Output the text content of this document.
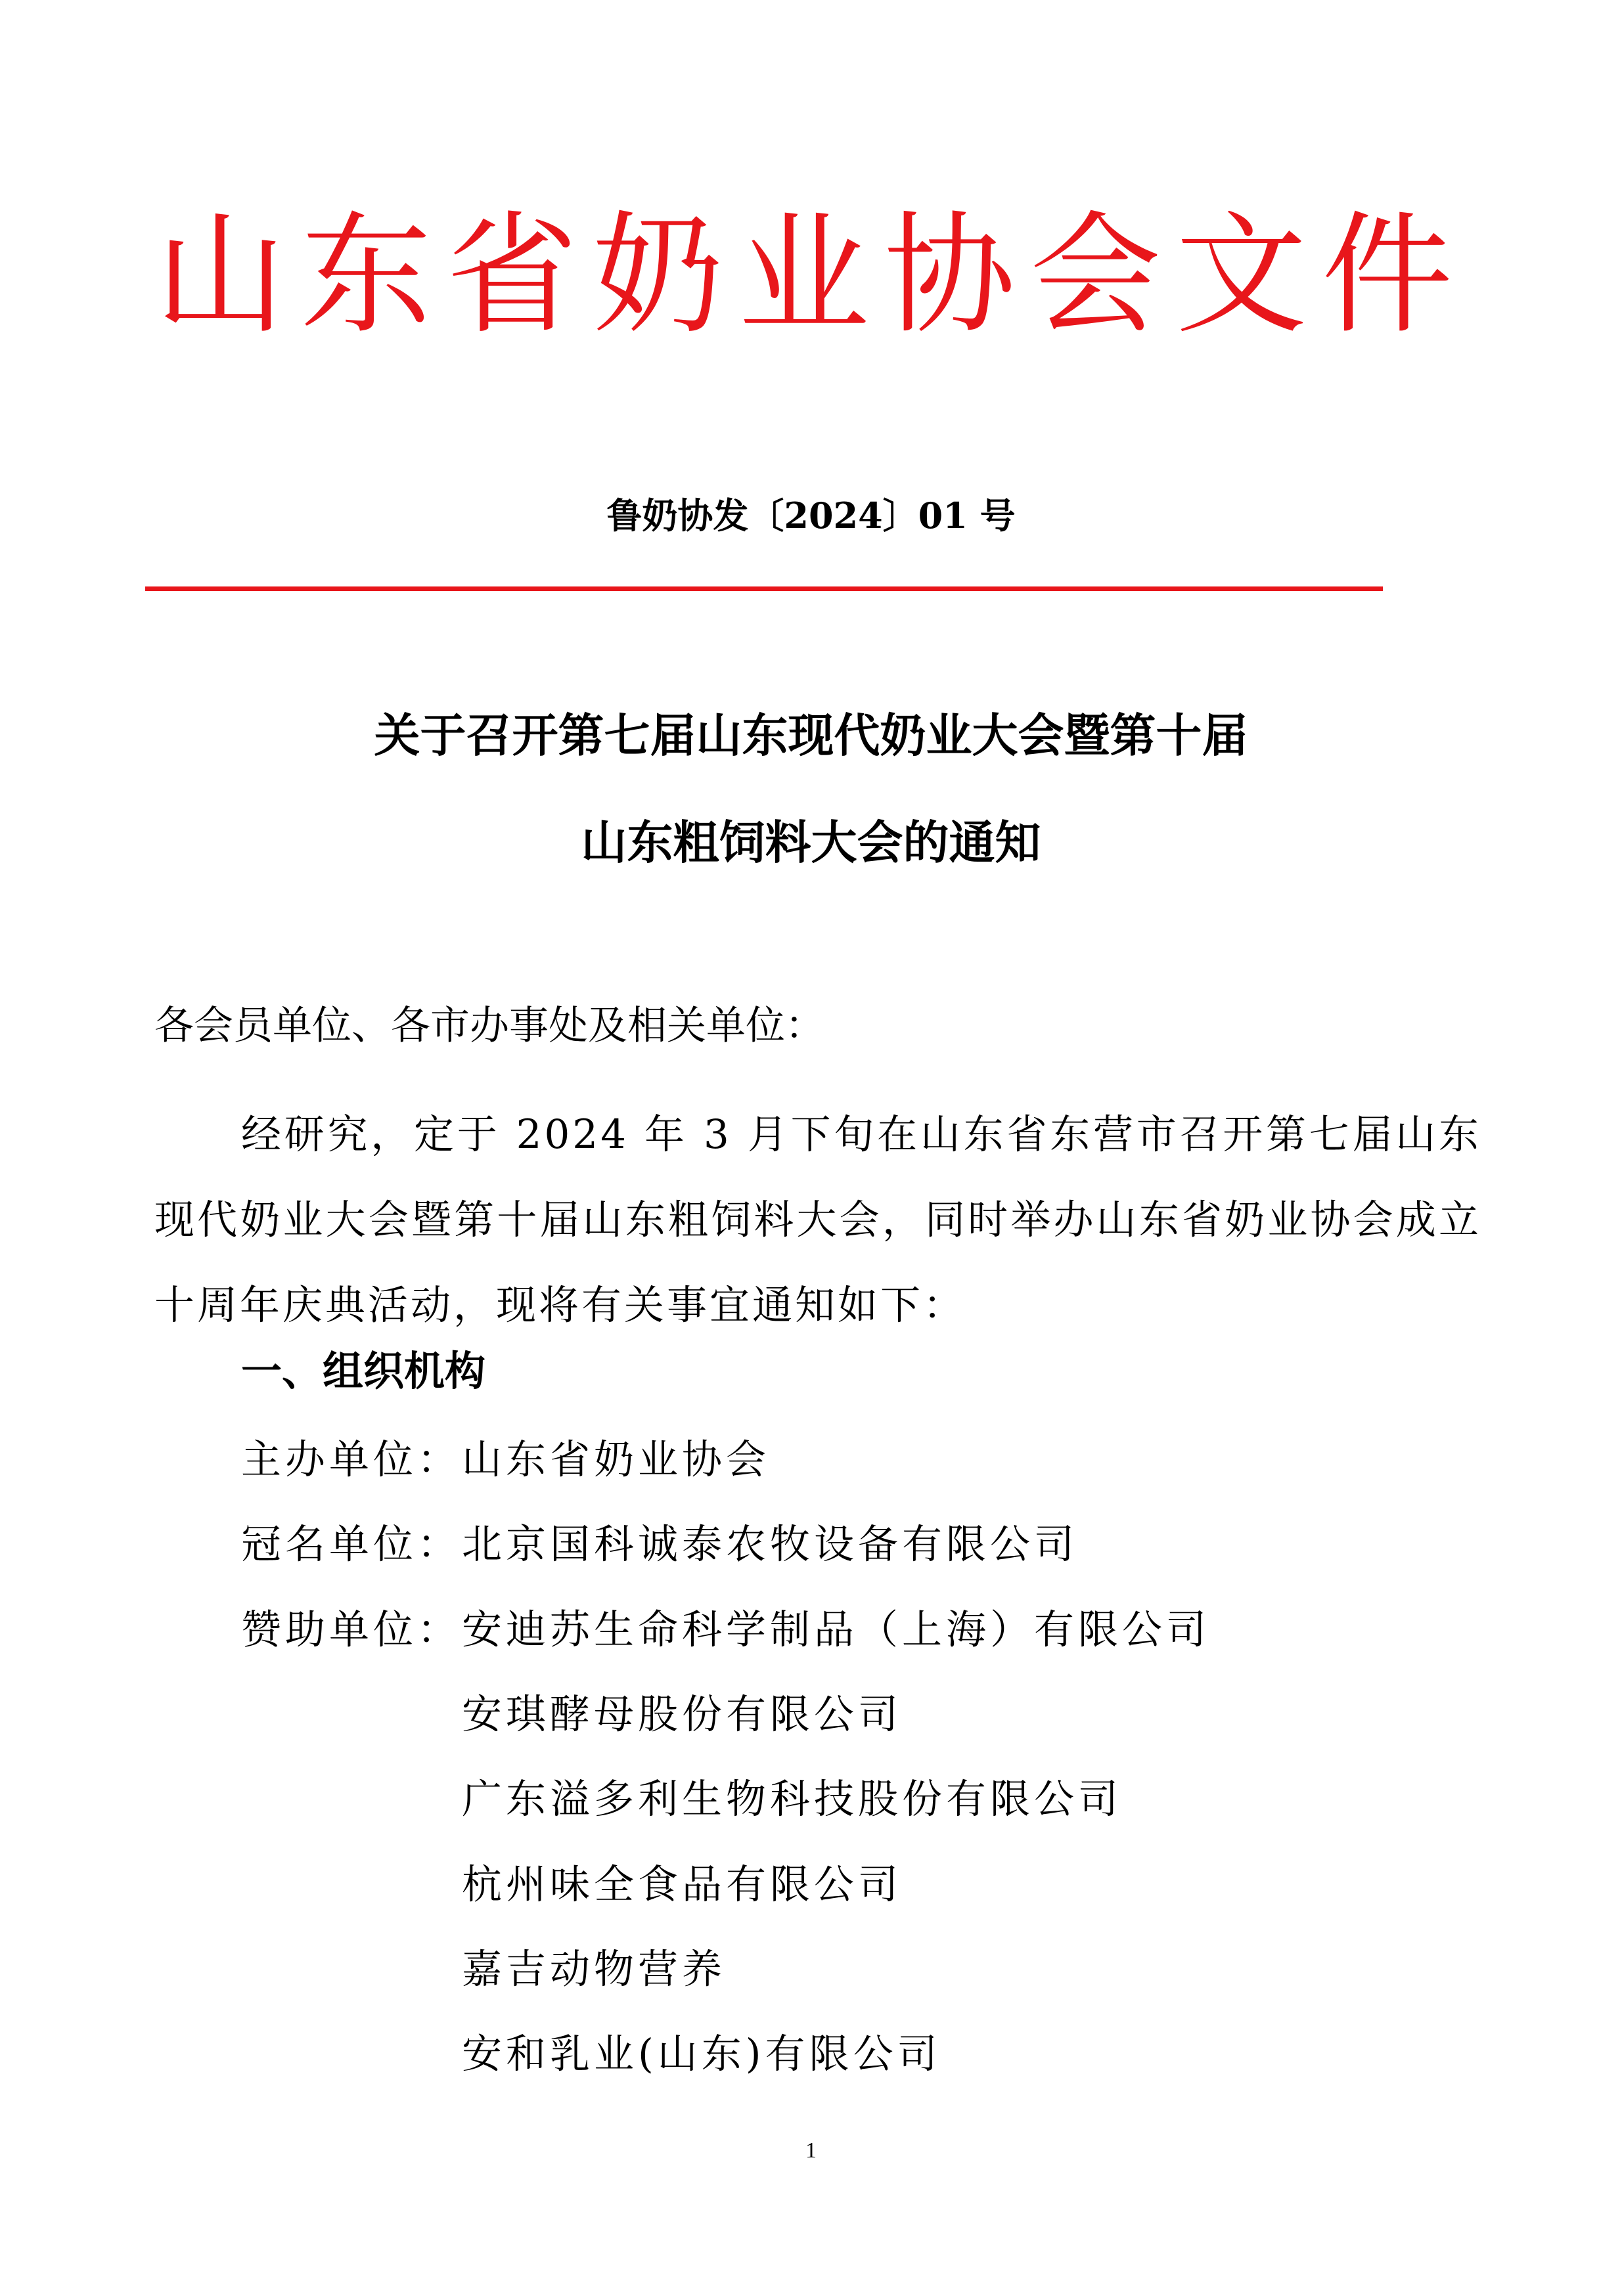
山东省奶业协会文件
鲁奶协发〔2024〕01 号
关于召开第七届山东现代奶业大会暨第十届
山东粗饲料大会的通知
各会员单位、各市办事处及相关单位：
经研究，定于 2024 年 3 月下旬在山东省东营市召开第七届山东现代奶业大会暨第十届山东粗饲料大会，同时举办山东省奶业协会成立十周年庆典活动，现将有关事宜通知如下：
一、组织机构
主办单位：山东省奶业协会
冠名单位：北京国科诚泰农牧设备有限公司
赞助单位： 安迪苏生命科学制品（上海）有限公司
安琪酵母股份有限公司
广东溢多利生物科技股份有限公司
杭州味全食品有限公司
嘉吉动物营养
安和乳业(山东)有限公司
1
